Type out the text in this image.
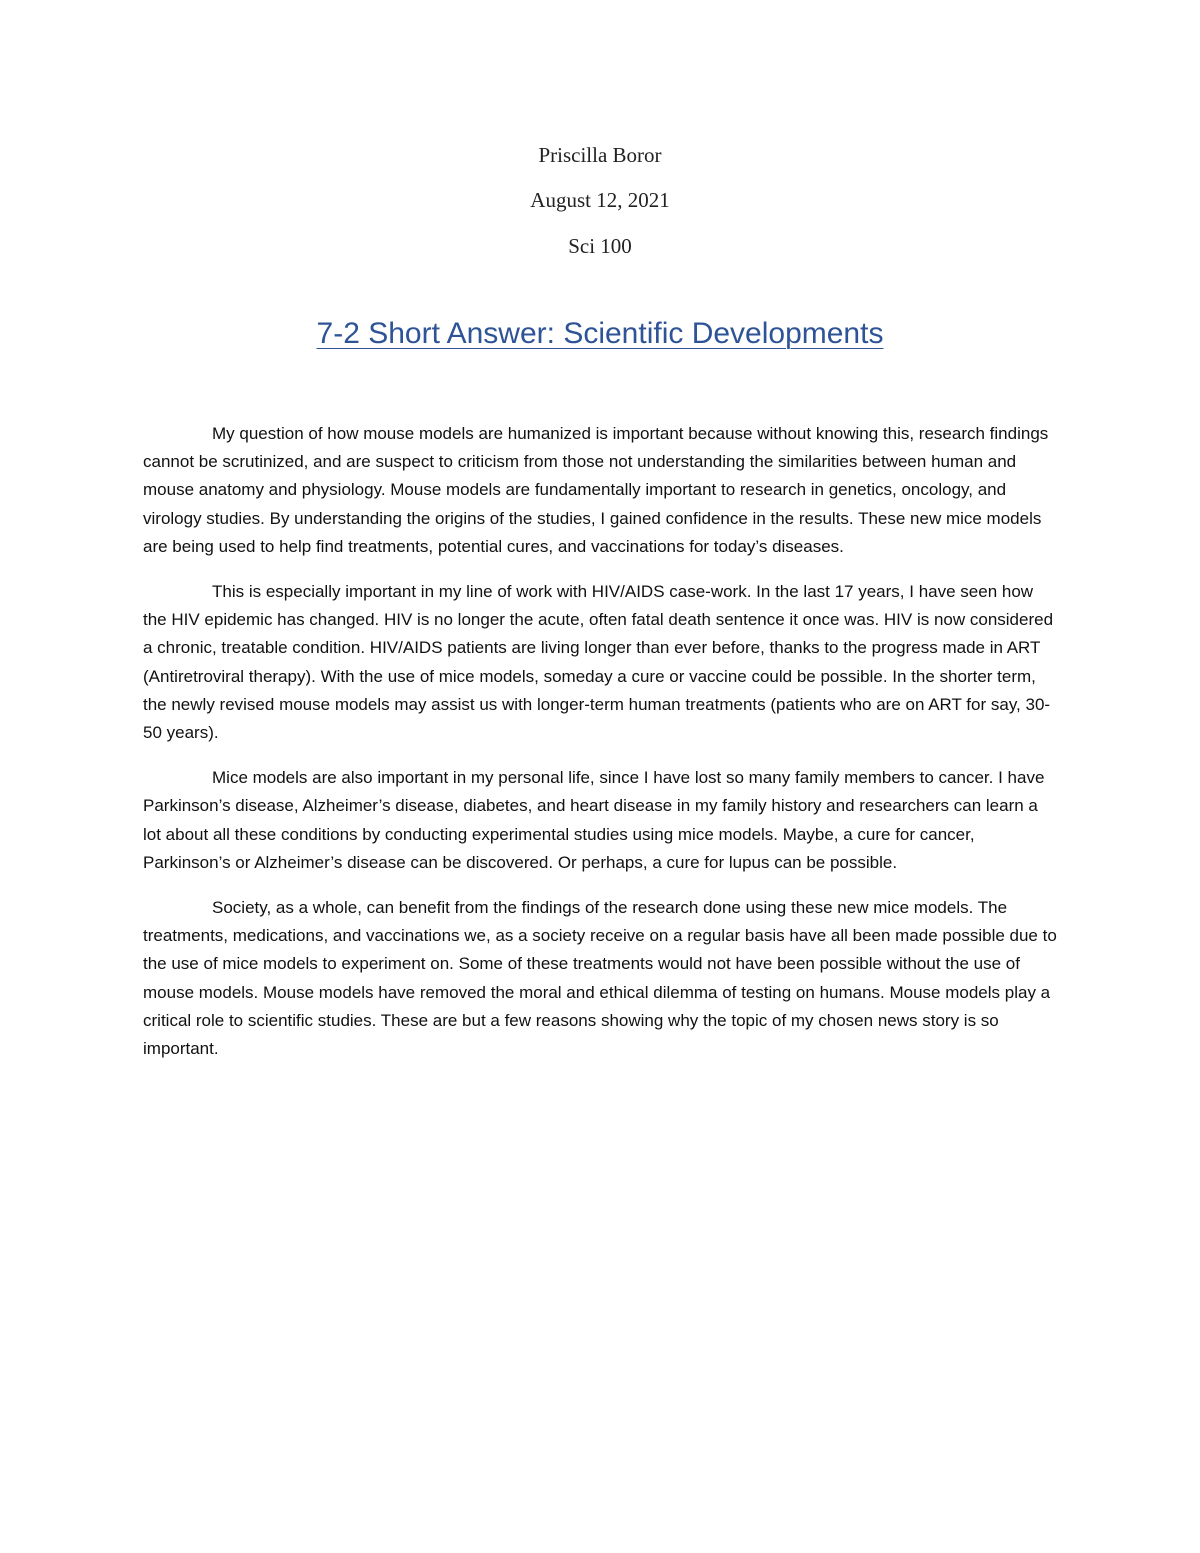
Priscilla Boror
August 12, 2021
Sci 100
7-2 Short Answer: Scientific Developments

My question of how mouse models are humanized is important because without knowing this, research findings cannot be scrutinized, and are suspect to criticism from those not understanding the similarities between human and mouse anatomy and physiology. Mouse models are fundamentally important to research in genetics, oncology, and virology studies. By understanding the origins of the studies, I gained confidence in the results. These new mice models are being used to help find treatments, potential cures, and vaccinations for today’s diseases.

This is especially important in my line of work with HIV/AIDS case-work. In the last 17 years, I have seen how the HIV epidemic has changed. HIV is no longer the acute, often fatal death sentence it once was. HIV is now considered a chronic, treatable condition. HIV/AIDS patients are living longer than ever before, thanks to the progress made in ART (Antiretroviral therapy). With the use of mice models, someday a cure or vaccine could be possible. In the shorter term, the newly revised mouse models may assist us with longer-term human treatments (patients who are on ART for say, 30-50 years).

Mice models are also important in my personal life, since I have lost so many family members to cancer. I have Parkinson’s disease, Alzheimer’s disease, diabetes, and heart disease in my family history and researchers can learn a lot about all these conditions by conducting experimental studies using mice models. Maybe, a cure for cancer, Parkinson’s or Alzheimer’s disease can be discovered. Or perhaps, a cure for lupus can be possible.

Society, as a whole, can benefit from the findings of the research done using these new mice models. The treatments, medications, and vaccinations we, as a society receive on a regular basis have all been made possible due to the use of mice models to experiment on. Some of these treatments would not have been possible without the use of mouse models. Mouse models have removed the moral and ethical dilemma of testing on humans. Mouse models play a critical role to scientific studies. These are but a few reasons showing why the topic of my chosen news story is so important.
